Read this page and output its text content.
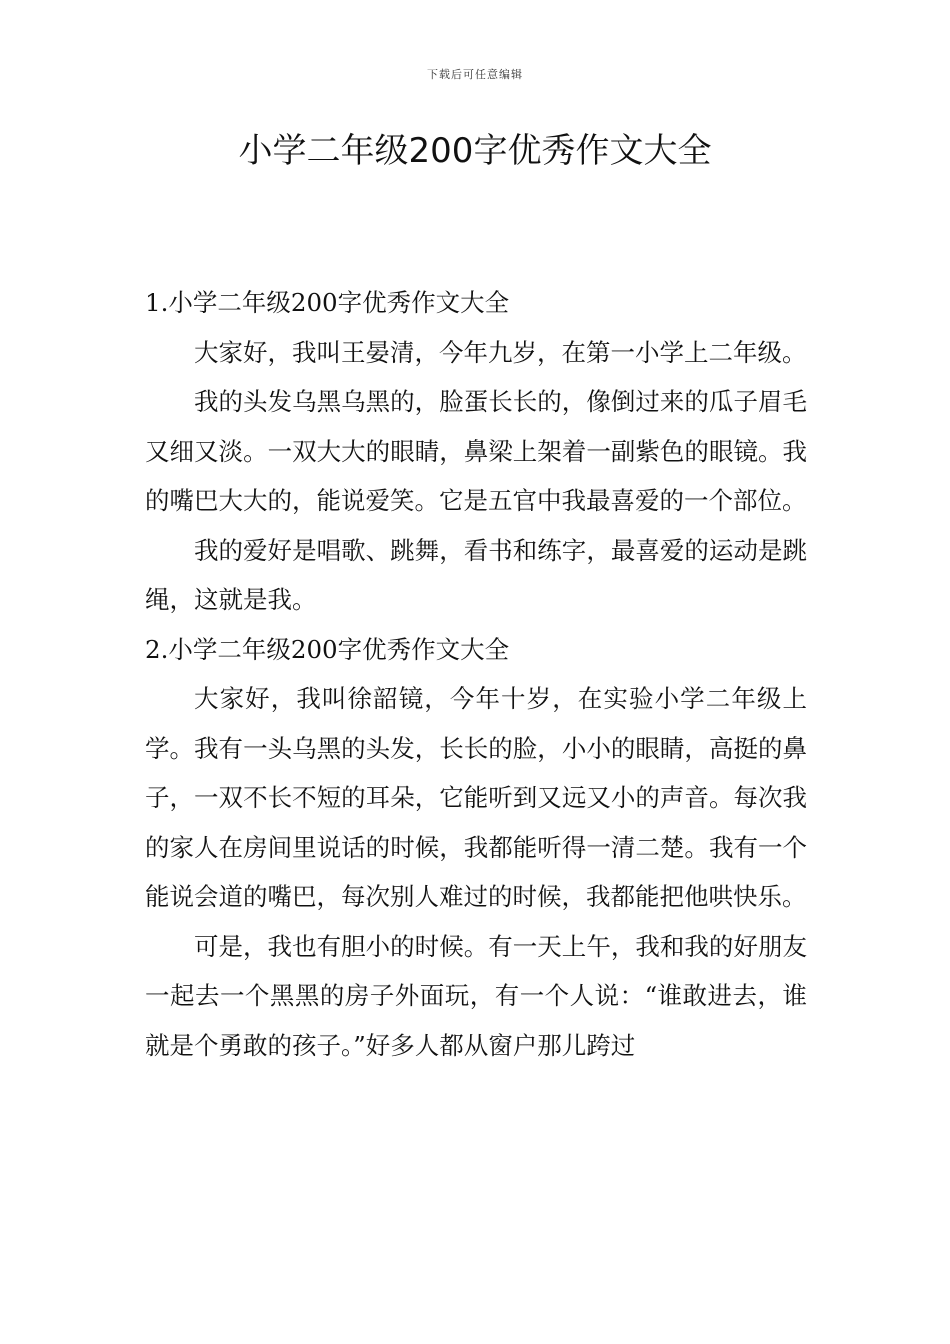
下载后可任意编辑
小学二年级200字优秀作文大全
1.小学二年级200字优秀作文大全

大家好，我叫王晏清，今年九岁，在第一小学上二年级。

我的头发乌黑乌黑的，脸蛋长长的，像倒过来的瓜子眉毛又细又淡。一双大大的眼睛，鼻梁上架着一副紫色的眼镜。我的嘴巴大大的，能说爱笑。它是五官中我最喜爱的一个部位。

我的爱好是唱歌、跳舞，看书和练字，最喜爱的运动是跳绳，这就是我。

2.小学二年级200字优秀作文大全

大家好，我叫徐韶镜，今年十岁，在实验小学二年级上学。我有一头乌黑的头发，长长的脸，小小的眼睛，高挺的鼻子，一双不长不短的耳朵，它能听到又远又小的声音。每次我的家人在房间里说话的时候，我都能听得一清二楚。我有一个能说会道的嘴巴，每次别人难过的时候，我都能把他哄快乐。

可是，我也有胆小的时候。有一天上午，我和我的好朋友一起去一个黑黑的房子外面玩，有一个人说：“谁敢进去，谁就是个勇敢的孩子。”好多人都从窗户那儿跨过
